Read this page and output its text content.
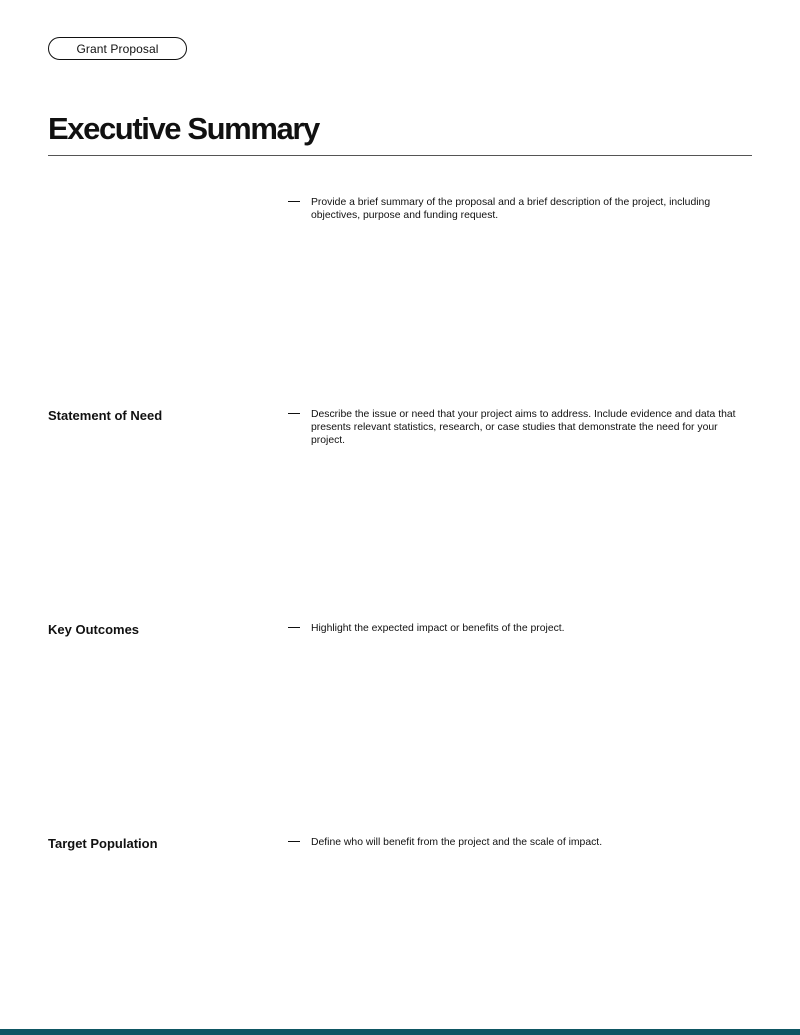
Grant Proposal
Executive Summary
Provide a brief summary of the proposal and a brief description of the project, including objectives, purpose and funding request.
Statement of Need	Describe the issue or need that your project aims to address. Include evidence and data that presents relevant statistics, research, or case studies that demonstrate the need for your project.
Key Outcomes	Highlight the expected impact or benefits of the project.
Target Population	Define who will benefit from the project and the scale of impact.
